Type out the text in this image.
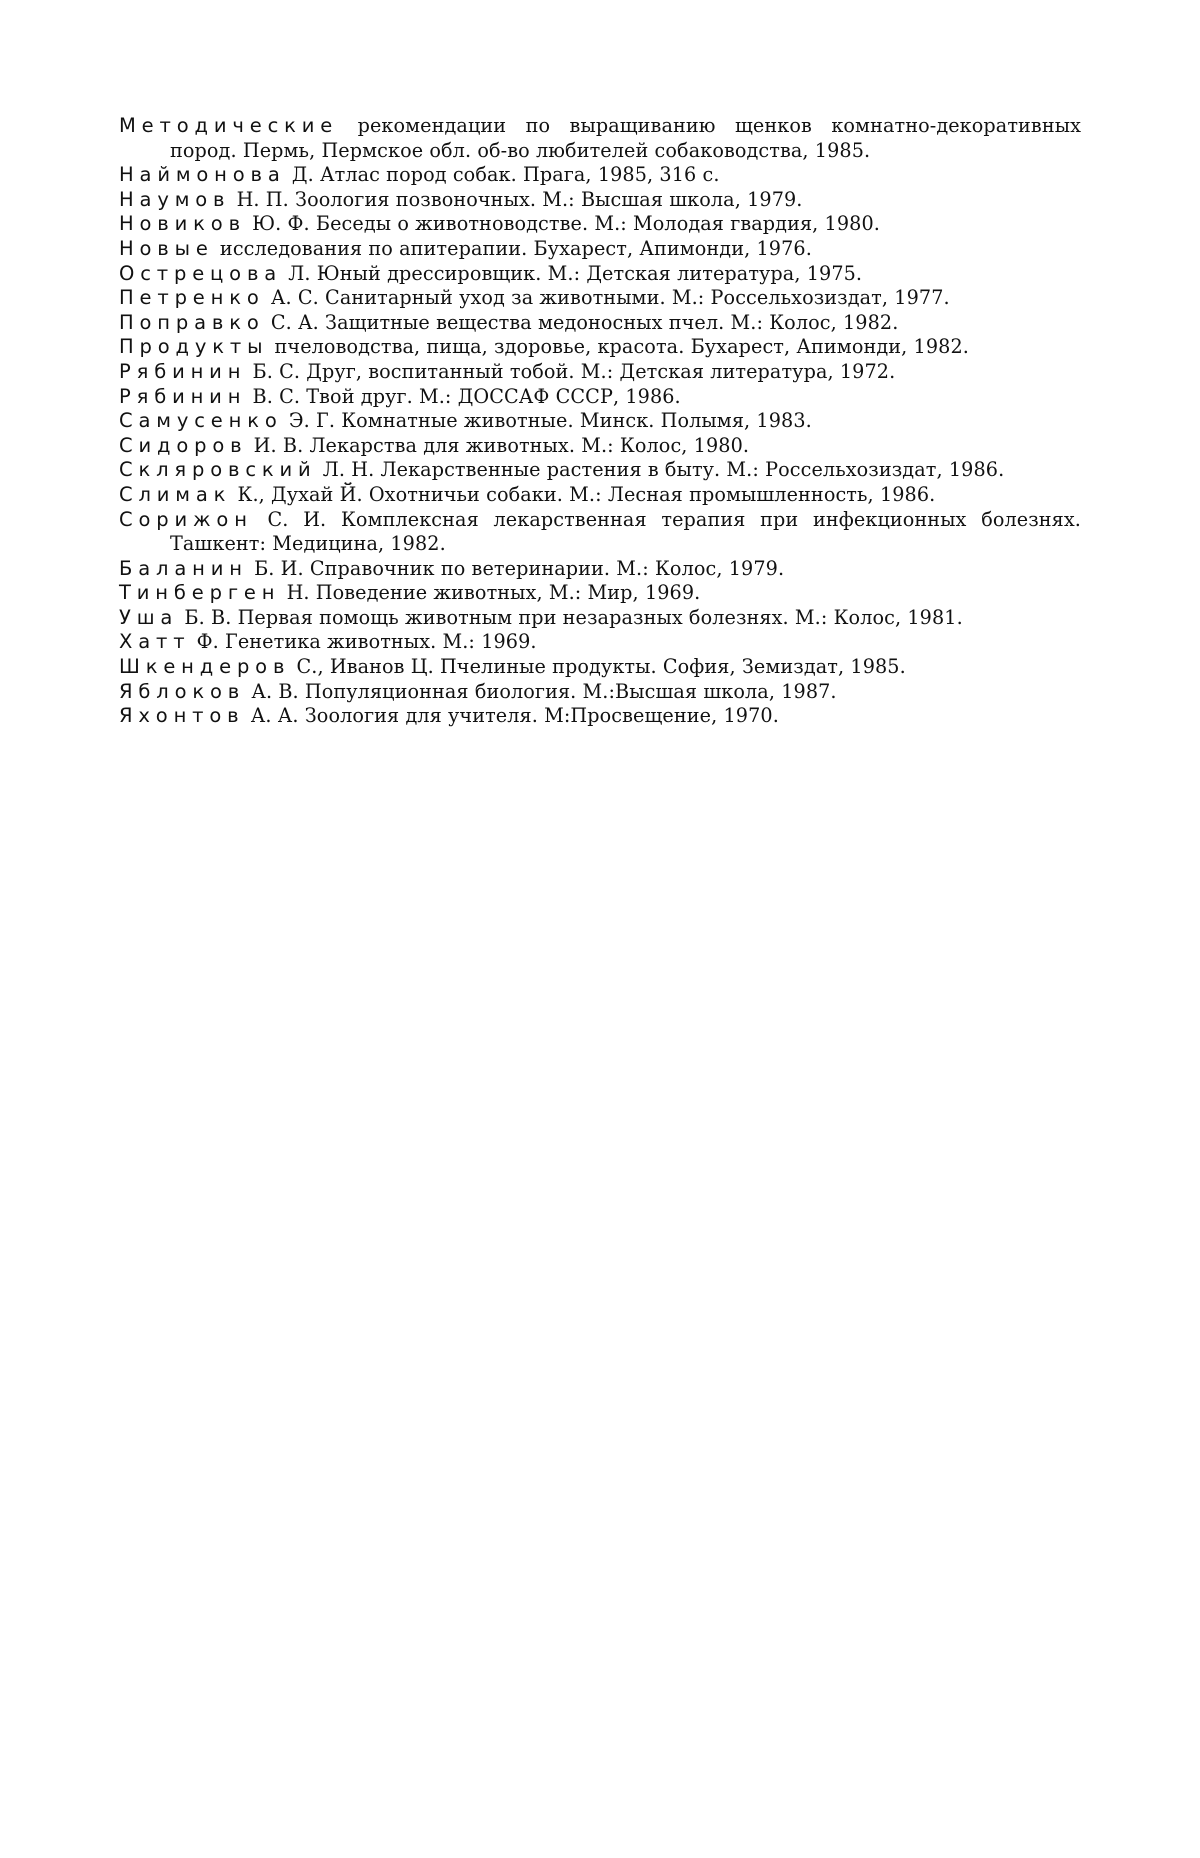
Методические рекомендации по выращиванию щенков комнатно-декоративных пород. Пермь, Пермское обл. об-во любителей собаководства, 1985.

Наймонова Д. Атлас пород собак. Прага, 1985, 316 с.

Наумов Н. П. Зоология позвоночных. М.: Высшая школа, 1979.

Новиков Ю. Ф. Беседы о животноводстве. М.: Молодая гвардия, 1980.

Новые исследования по апитерапии. Бухарест, Апимонди, 1976.

Острецова Л. Юный дрессировщик. М.: Детская литература, 1975.

Петренко А. С. Санитарный уход за животными. М.: Россельхозиздат, 1977.

Поправко С. А. Защитные вещества медоносных пчел. М.: Колос, 1982.

Продукты пчеловодства, пища, здоровье, красота. Бухарест, Апимонди, 1982.

Рябинин Б. С. Друг, воспитанный тобой. М.: Детская литература, 1972.

Рябинин В. С. Твой друг. М.: ДОССАФ СССР, 1986.

Самусенко Э. Г. Комнатные животные. Минск. Полымя, 1983.

Сидоров И. В. Лекарства для животных. М.: Колос, 1980.

Скляровский Л. Н. Лекарственные растения в быту. М.: Россельхозиздат, 1986.

Слимак К., Духай Й. Охотничьи собаки. М.: Лесная промышленность, 1986.

Сорижон С. И. Комплексная лекарственная терапия при инфекционных болезнях. Ташкент: Медицина, 1982.

Баланин Б. И. Справочник по ветеринарии. М.: Колос, 1979.

Тинберген Н. Поведение животных, М.: Мир, 1969.

Уша Б. В. Первая помощь животным при незаразных болезнях. М.: Колос, 1981.

Хатт Ф. Генетика животных. М.: 1969.

Шкендеров С., Иванов Ц. Пчелиные продукты. София, Земиздат, 1985.

Яблоков А. В. Популяционная биология. М.:Высшая школа, 1987.

Яхонтов А. А. Зоология для учителя. М:Просвещение, 1970.
